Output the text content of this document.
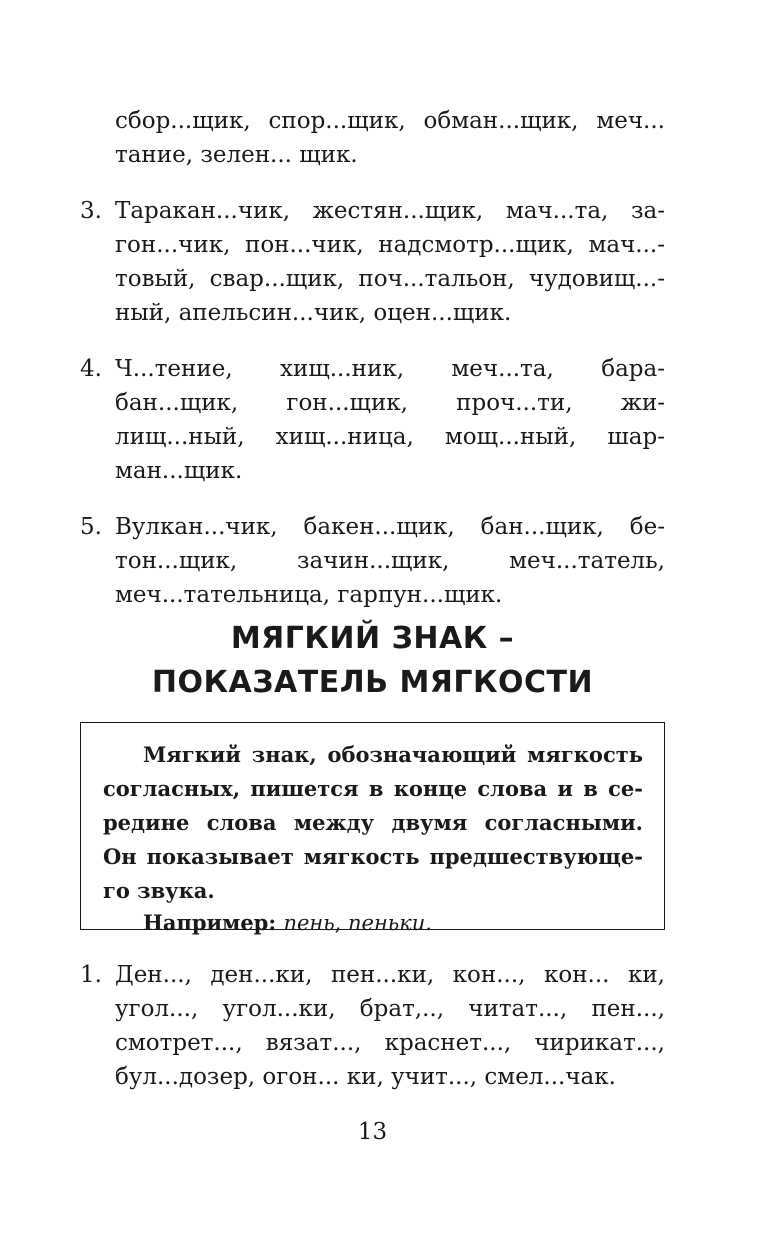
сбор...щик, спор...щик, обман...щик, меч...
тание, зелен... щик.
3. Таракан...чик, жестян...щик, мач...та, за-
гон...чик, пон...чик, надсмотр...щик, мач...-
товый, свар...щик, поч...тальон, чудовищ...-
ный, апельсин...чик, оцен...щик.
4. Ч...тение, хищ...ник, меч...та, бара-
бан...щик, гон...щик, проч...ти, жи-
лищ...ный, хищ...ница, мощ...ный, шар-
ман...щик.
5. Вулкан...чик, бакен...щик, бан...щик, бе-
тон...щик, зачин...щик, меч...татель,
меч...тательница, гарпун...щик.
МЯГКИЙ ЗНАК –
ПОКАЗАТЕЛЬ МЯГКОСТИ
Мягкий знак, обозначающий мягкость
согласных, пишется в конце слова и в се-
редине слова между двумя согласными.
Он показывает мягкость предшествующе-
го звука.
Например: пень, пеньки.
1. Ден..., ден...ки, пен...ки, кон..., кон... ки,
угол..., угол...ки, брат,.., читат..., пен...,
смотрет..., вязат..., краснет..., чирикат...,
бул...дозер, огон... ки, учит..., смел...чак.
13
